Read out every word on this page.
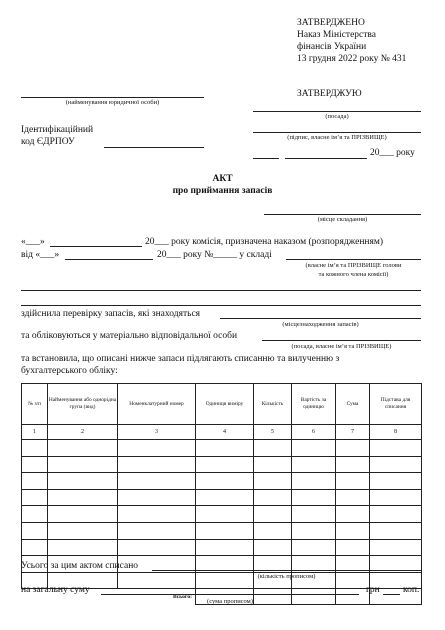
ЗАТВЕРДЖЕНО
Наказ Міністерства
фінансів України
13 грудня 2022 року № 431
ЗАТВЕРДЖУЮ
(посада)
(підпис, власне ім’я та ПРІЗВИЩЕ)
20___ року
(найменування юридичної особи)
Ідентифікаційний
код ЄДРПОУ
АКТ
про приймання запасів
(місце складання)
«___»	20___ року комісія, призначена наказом (розпорядженням)
від «___»	20___ року №_____ у складі
(власне ім’я та ПРІЗВИЩЕ голови
та кожного члена комісії)
здійснила перевірку запасів, які знаходяться
(місцезнаходження запасів)
та обліковуються у матеріально відповідальної особи
(посада, власне ім’я та ПРІЗВИЩЕ)
та встановила, що описані нижче запаси підлягають списанню та вилученню з
бухгалтерського обліку:
№ з/п	Найменування або однорідна група (вид)	Номенклатурний номер	Одиниця виміру	Кількість	Вартість за одиницю	Сума	Підстава для списання
1	2	3	4	5	6	7	8

		Всього:					
Усього за цим актом списано
(кількість прописом)
на загальну суму	грн коп.
(сума прописом)
